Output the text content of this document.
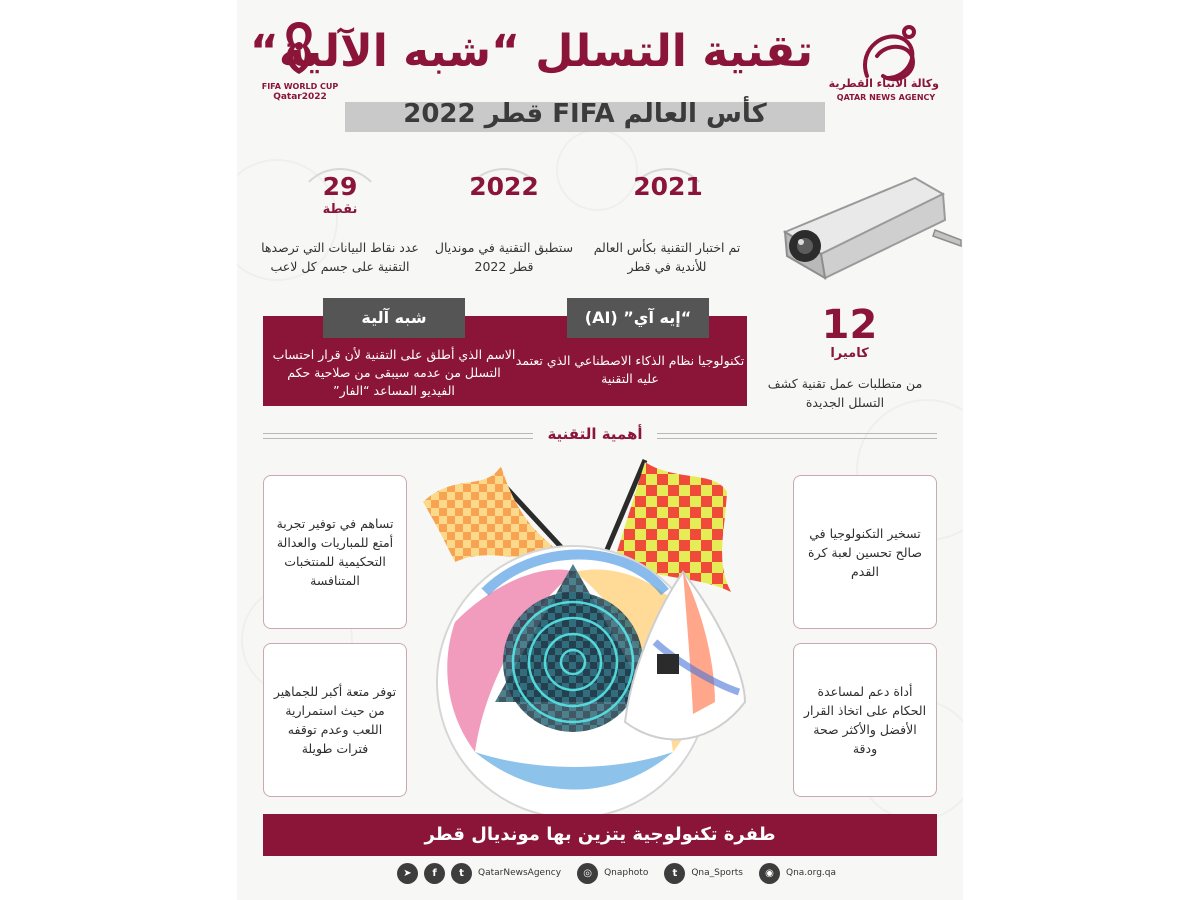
وكالة الأنباء القطرية
QATAR NEWS AGENCY
FIFA WORLD CUP
Qatar2022
تقنية التسلل “شبه الآلية“
كأس العالم FIFA قطر 2022
2021
تم اختبار التقنية بكأس العالم للأندية في قطر
2022
ستطبق التقنية في مونديال قطر 2022
29
نقطة
عدد نقاط البيانات التي ترصدها التقنية على جسم كل لاعب
12
كاميرا
من متطلبات عمل تقنية كشف التسلل الجديدة
“إيه آي” (AI)
تكنولوجيا نظام الذكاء الاصطناعي الذي تعتمد عليه التقنية
شبه آلية
الاسم الذي أطلق على التقنية لأن قرار احتساب التسلل من عدمه سيبقى من صلاحية حكم الفيديو المساعد “الفار”
أهمية التقنية
تسخير التكنولوجيا في صالح تحسين لعبة كرة القدم
تساهم في توفير تجربة أمتع للمباريات والعدالة التحكيمية للمنتخبات المتنافسة
أداة دعم لمساعدة الحكام على اتخاذ القرار الأفضل والأكثر صحة ودقة
توفر متعة أكبر للجماهير من حيث استمرارية اللعب وعدم توقفه فترات طويلة
طفرة تكنولوجية يتزين بها مونديال قطر
➤	f	t	QatarNewsAgency	◎	Qnaphoto	t	Qna_Sports	◉	Qna.org.qa
